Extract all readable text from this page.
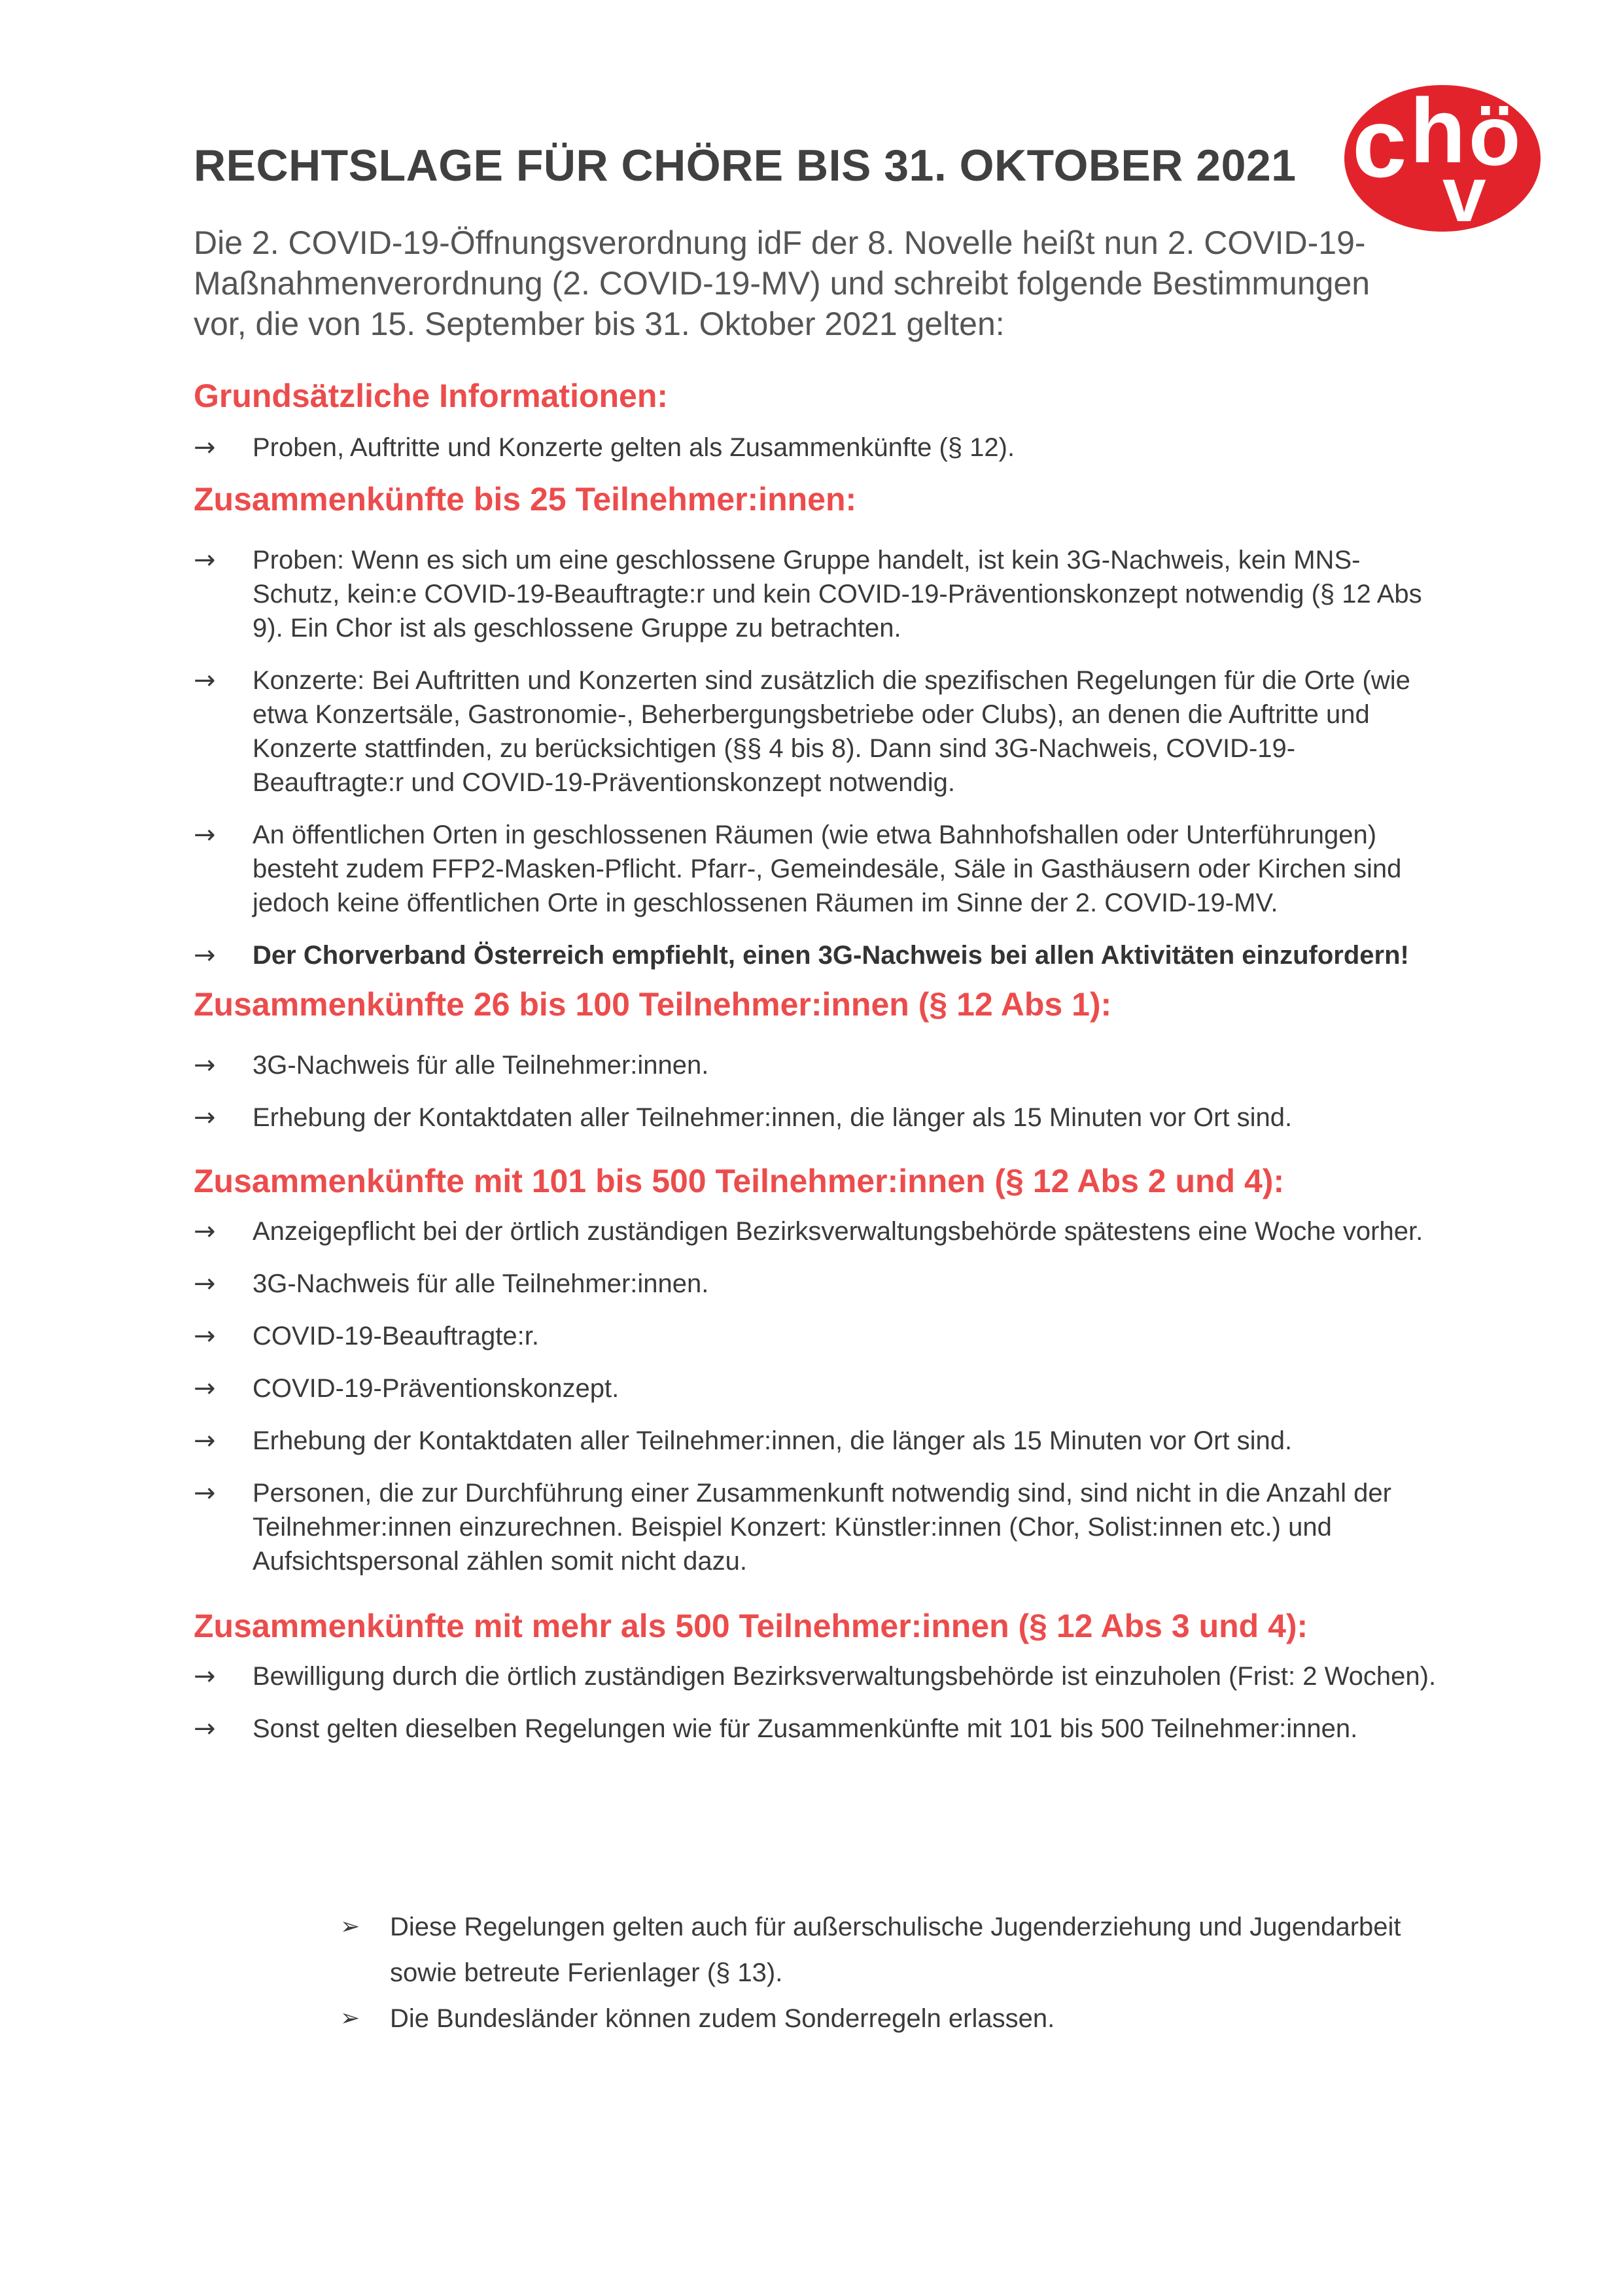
c h ö
v
RECHTSLAGE FÜR CHÖRE BIS 31. OKTOBER 2021

Die 2. COVID-19-Öffnungsverordnung idF der 8. Novelle heißt nun 2. COVID-19-Maßnahmenverordnung (2. COVID-19-MV) und schreibt folgende Bestimmungen vor, die von 15. September bis 31. Oktober 2021 gelten:

Grundsätzliche Informationen:
→	Proben, Auftritte und Konzerte gelten als Zusammenkünfte (§ 12).
Zusammenkünfte bis 25 Teilnehmer:innen:
→	Proben: Wenn es sich um eine geschlossene Gruppe handelt, ist kein 3G-Nachweis, kein MNS-Schutz, kein:e COVID-19-Beauftragte:r und kein COVID-19-Präventionskonzept notwendig (§ 12 Abs 9). Ein Chor ist als geschlossene Gruppe zu betrachten.
→	Konzerte: Bei Auftritten und Konzerten sind zusätzlich die spezifischen Regelungen für die Orte (wie etwa Konzertsäle, Gastronomie-, Beherbergungsbetriebe oder Clubs), an denen die Auftritte und Konzerte stattfinden, zu berücksichtigen (§§ 4 bis 8). Dann sind 3G-Nachweis, COVID-19-Beauftragte:r und COVID-19-Präventionskonzept notwendig.
→	An öffentlichen Orten in geschlossenen Räumen (wie etwa Bahnhofshallen oder Unterführungen) besteht zudem FFP2-Masken-Pflicht. Pfarr-, Gemeindesäle, Säle in Gasthäusern oder Kirchen sind jedoch keine öffentlichen Orte in geschlossenen Räumen im Sinne der 2. COVID-19-MV.
→	Der Chorverband Österreich empfiehlt, einen 3G-Nachweis bei allen Aktivitäten einzufordern!
Zusammenkünfte 26 bis 100 Teilnehmer:innen (§ 12 Abs 1):
→	3G-Nachweis für alle Teilnehmer:innen.
→	Erhebung der Kontaktdaten aller Teilnehmer:innen, die länger als 15 Minuten vor Ort sind.
Zusammenkünfte mit 101 bis 500 Teilnehmer:innen (§ 12 Abs 2 und 4):
→	Anzeigepflicht bei der örtlich zuständigen Bezirksverwaltungsbehörde spätestens eine Woche vorher.
→	3G-Nachweis für alle Teilnehmer:innen.
→	COVID-19-Beauftragte:r.
→	COVID-19-Präventionskonzept.
→	Erhebung der Kontaktdaten aller Teilnehmer:innen, die länger als 15 Minuten vor Ort sind.
→	Personen, die zur Durchführung einer Zusammenkunft notwendig sind, sind nicht in die Anzahl der Teilnehmer:innen einzurechnen. Beispiel Konzert: Künstler:innen (Chor, Solist:innen etc.) und Aufsichtspersonal zählen somit nicht dazu.
Zusammenkünfte mit mehr als 500 Teilnehmer:innen (§ 12 Abs 3 und 4):
→	Bewilligung durch die örtlich zuständigen Bezirksverwaltungsbehörde ist einzuholen (Frist: 2 Wochen).
→	Sonst gelten dieselben Regelungen wie für Zusammenkünfte mit 101 bis 500 Teilnehmer:innen.
➢ Diese Regelungen gelten auch für außerschulische Jugenderziehung und Jugendarbeit sowie betreute Ferienlager (§ 13).
➢ Die Bundesländer können zudem Sonderregeln erlassen.
